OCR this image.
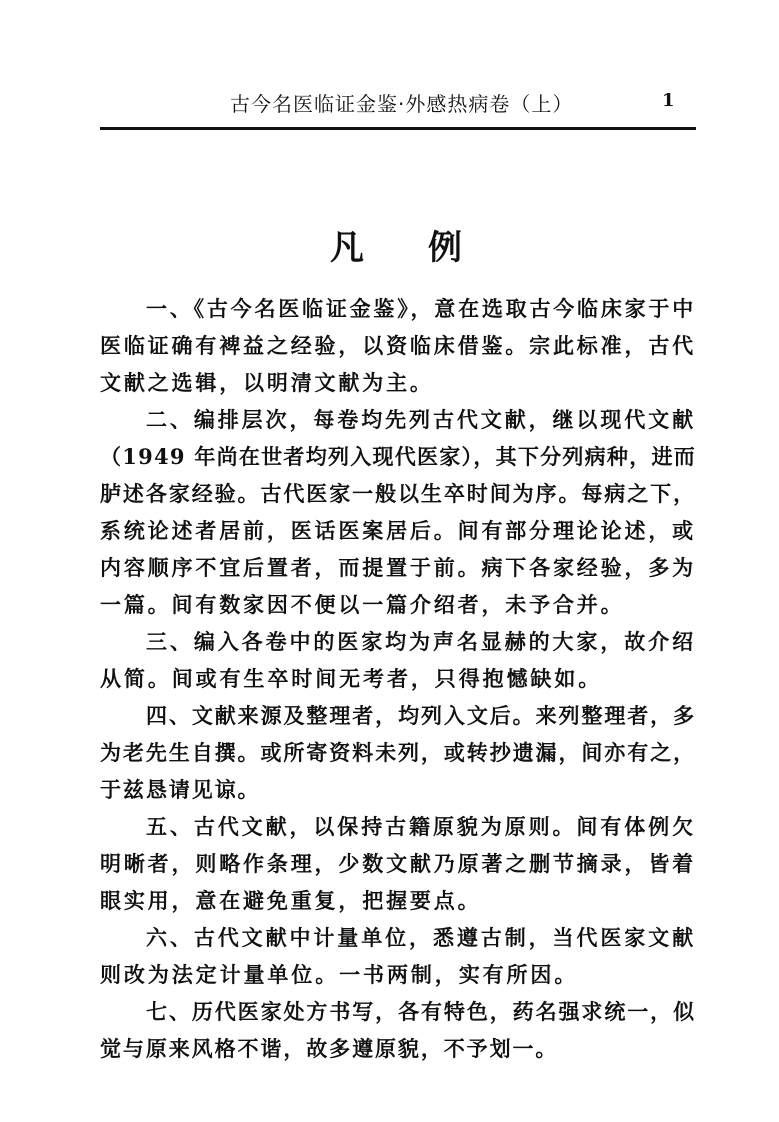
古今名医临证金鉴·外感热病卷（上）	1
凡 例
一、《古今名医临证金鉴》，意在选取古今临床家于中
医临证确有裨益之经验，以资临床借鉴。宗此标准，古代
文献之选辑，以明清文献为主。
二、编排层次，每卷均先列古代文献，继以现代文献
（1949 年尚在世者均列入现代医家），其下分列病种，进而
胪述各家经验。古代医家一般以生卒时间为序。每病之下，
系统论述者居前，医话医案居后。间有部分理论论述，或
内容顺序不宜后置者，而提置于前。病下各家经验，多为
一篇。间有数家因不便以一篇介绍者，未予合并。
三、编入各卷中的医家均为声名显赫的大家，故介绍
从简。间或有生卒时间无考者，只得抱憾缺如。
四、文献来源及整理者，均列入文后。来列整理者，多
为老先生自撰。或所寄资料未列，或转抄遗漏，间亦有之，
于兹恳请见谅。
五、古代文献，以保持古籍原貌为原则。间有体例欠
明晰者，则略作条理，少数文献乃原著之删节摘录，皆着
眼实用，意在避免重复，把握要点。
六、古代文献中计量单位，悉遵古制，当代医家文献
则改为法定计量单位。一书两制，实有所因。
七、历代医家处方书写，各有特色，药名强求统一，似
觉与原来风格不谐，故多遵原貌，不予划一。
